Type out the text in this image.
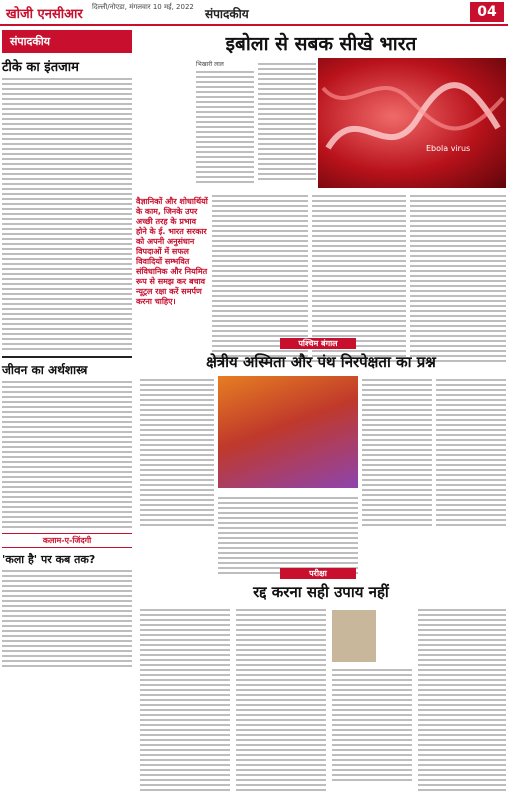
खोजी एनसीआर दिल्ली/नोएडा, मंगलवार 10 मई, 2022 संपादकीय	04
संपादकीय
टीके का इंतजाम
जीवन का अर्थशास्त्र
कलाम-ए-जिंदगी
'कला है' पर कब तक?
इबोला से सबक सीखे भारत
भिखारी लाल
Ebola virus
वैज्ञानिकों और शोधार्थियों के काम, जिनके उपर अच्छी तरह के प्रभाव होने के ई. भारत सरकार को अपनी अनुसंधान विपदाओं में सफल विवादियों सम्भवित संविधानिक और नियमित रूप से समझ कर बचाव न्यूट्रल रक्षा करें समर्पण करना चाहिए।
पश्चिम बंगाल
क्षेत्रीय अस्मिता और पंथ निरपेक्षता का प्रश्न
परीक्षा
रद्द करना सही उपाय नहीं
